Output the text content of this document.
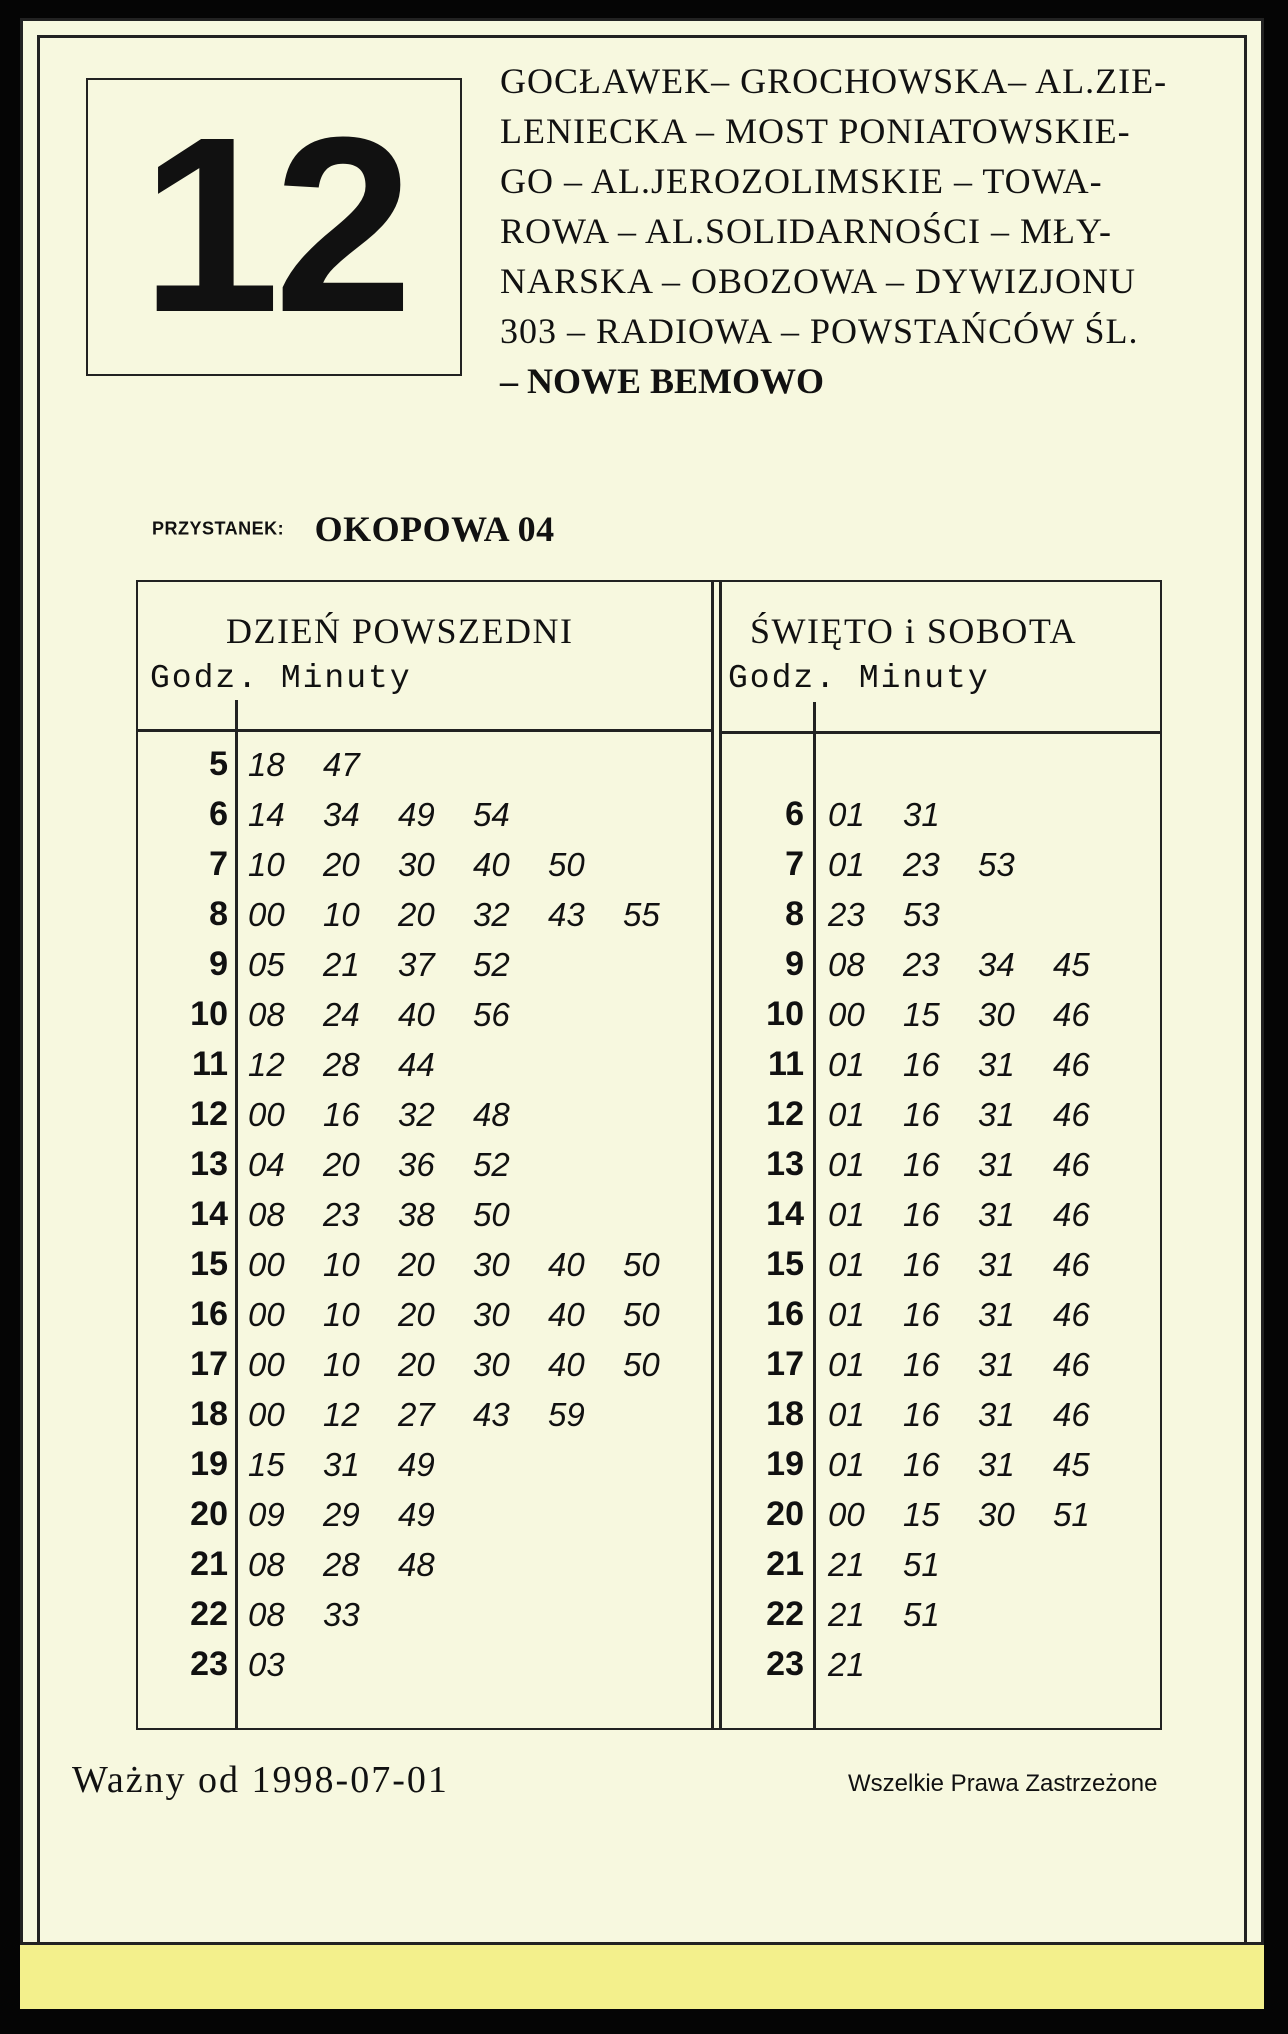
12
GOCŁAWEK– GROCHOWSKA– AL.ZIE-
LENIECKA – MOST PONIATOWSKIE-
GO – AL.JEROZOLIMSKIE – TOWA-
ROWA – AL.SOLIDARNOŚCI – MŁY-
NARSKA – OBOZOWA – DYWIZJONU
303 – RADIOWA – POWSTAŃCÓW ŚL.
– NOWE BEMOWO
PRZYSTANEK: OKOPOWA 04
DZIEŃ POWSZEDNI
Godz. Minuty
ŚWIĘTO i SOBOTA
Godz. Minuty
5 18 47
6 14 34 49 54
7 10 20 30 40 50
8 00 10 20 32 43 55
9 05 21 37 52
10 08 24 40 56
11 12 28 44
12 00 16 32 48
13 04 20 36 52
14 08 23 38 50
15 00 10 20 30 40 50
16 00 10 20 30 40 50
17 00 10 20 30 40 50
18 00 12 27 43 59
19 15 31 49
20 09 29 49
21 08 28 48
22 08 33
23 03
6 01 31
7 01 23 53
8 23 53
9 08 23 34 45
10 00 15 30 46
11 01 16 31 46
12 01 16 31 46
13 01 16 31 46
14 01 16 31 46
15 01 16 31 46
16 01 16 31 46
17 01 16 31 46
18 01 16 31 46
19 01 16 31 45
20 00 15 30 51
21 21 51
22 21 51
23 21
Ważny od 1998-07-01	Wszelkie Prawa Zastrzeżone
